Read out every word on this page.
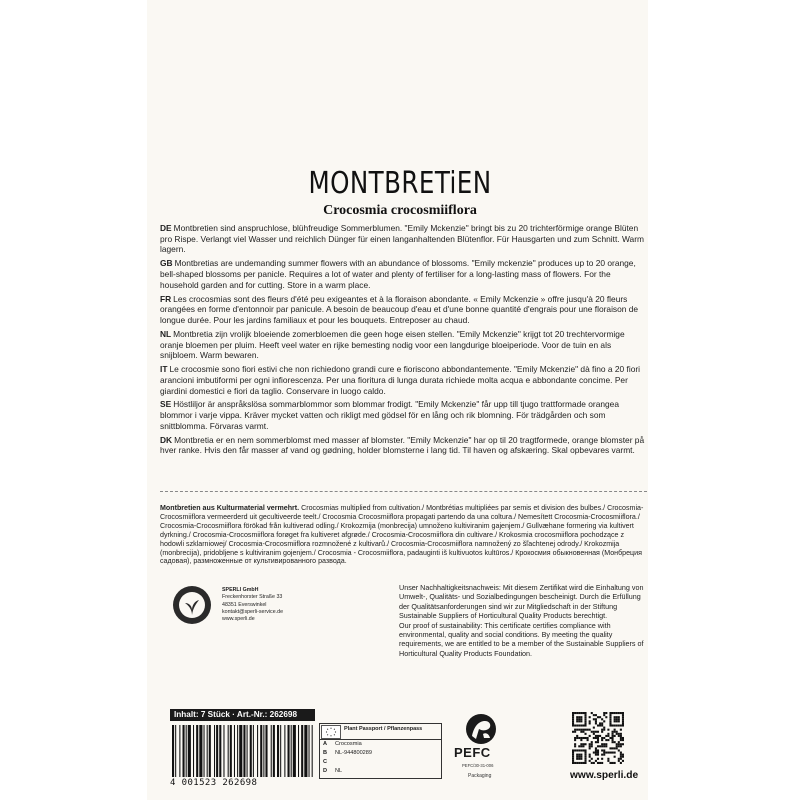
MONTBRETiEN
Crocosmia crocosmiiflora

DE Montbretien sind anspruchlose, blühfreudige Sommerblumen. "Emily Mckenzie" bringt bis zu 20 trichterförmige orange Blüten pro Rispe. Verlangt viel Wasser und reichlich Dünger für einen langanhaltenden Blütenflor. Für Hausgarten und zum Schnitt. Warm lagern.

GB Montbretias are undemanding summer flowers with an abundance of blossoms. "Emily mckenzie" produces up to 20 orange, bell-shaped blossoms per panicle. Requires a lot of water and plenty of fertiliser for a long-lasting mass of flowers. For the household garden and for cutting. Store in a warm place.

FR Les crocosmias sont des fleurs d'été peu exigeantes et à la floraison abondante. « Emily Mckenzie » offre jusqu'à 20 fleurs orangées en forme d'entonnoir par panicule. A besoin de beaucoup d'eau et d'une bonne quantité d'engrais pour une floraison de longue durée. Pour les jardins familiaux et pour les bouquets. Entreposer au chaud.

NL Montbretia zijn vrolijk bloeiende zomerbloemen die geen hoge eisen stellen. "Emily Mckenzie" krijgt tot 20 trechtervormige oranje bloemen per pluim. Heeft veel water en rijke bemesting nodig voor een langdurige bloeiperiode. Voor de tuin en als snijbloem. Warm bewaren.

IT Le crocosmie sono fiori estivi che non richiedono grandi cure e fioriscono abbondantemente. "Emily Mckenzie" dà fino a 20 fiori arancioni imbutiformi per ogni infiorescenza. Per una fioritura di lunga durata richiede molta acqua e abbondante concime. Per giardini domestici e fiori da taglio. Conservare in luogo caldo.

SE Höstliljor är anspråkslösa sommarblommor som blommar frodigt. "Emily Mckenzie" får upp till tjugo trattformade orangea blommor i varje vippa. Kräver mycket vatten och rikligt med gödsel för en lång och rik blomning. För trädgården och som snittblomma. Förvaras varmt.

DK Montbretia er en nem sommerblomst med masser af blomster. "Emily Mckenzie" har op til 20 tragtformede, orange blomster på hver ranke. Hvis den får masser af vand og gødning, holder blomsterne i lang tid. Til haven og afskæring. Skal opbevares varmt.

Montbretien aus Kulturmaterial vermehrt. Crocosmias multiplied from cultivation./ Montbrétias multipliées par semis et division des bulbes./ Crocosmia-Crocosmiiflora vermeerderd uit gecultiveerde teelt./ Crocosmia Crocosmiiflora propagati partendo da una coltura./ Nemesített Crocosmia-Crocosmiiflora./ Crocosmia-Crocosmiiflora förökad från kultiverad odling./ Krokozmija (monbrecija) umnoženo kultiviranim gajenjem./ Gullvæhane formering via kultivert dyrkning./ Crocosmia-Crocosmiiflora forøget fra kultiveret afgrøde./ Crocosmia-Crocosmiiflora din cultivare./ Krokosmia crocosmiiflora pochodzące z hodowli szklarniowej/ Crocosmia-Crocosmiiflora rozmnožené z kultivarů./ Crocosmia-Crocosmiiflora namnožený zo šľachtenej odrody./ Krokozmija (monbrecija), pridobljene s kultiviranim gojenjem./ Crocosmia - Crocosmiiflora, padauginti iš kultivuotos kultūros./ Крокосмия обыкновенная (Монбреция садовая), размноженные от культивированного развода.
SPERLI GmbH
Freckenhorster Straße 33
48351 Everswinkel
kontakt@sperli-service.de
www.sperli.de
Unser Nachhaltigkeitsnachweis: Mit diesem Zertifikat wird die Einhaltung von Umwelt-, Qualitäts- und Sozialbedingungen bescheinigt. Durch die Erfüllung der Qualitätsanforderungen sind wir zur Mitgliedschaft in der Stiftung Sustainable Suppliers of Horticultural Quality Products berechtigt.
Our proof of sustainability: This certificate certifies compliance with environmental, quality and social conditions. By meeting the quality requirements, we are entitled to be a member of the Sustainable Suppliers of Horticultural Quality Products Foundation.
Inhalt: 7 Stück · Art.-Nr.: 262698
4 001523 262698
Plant Passport / Pflanzenpass
A Crocosmia
B NL-944800289
C
D NL
PEFC
PEFC/30-31-006
Packaging	www.sperli.de
